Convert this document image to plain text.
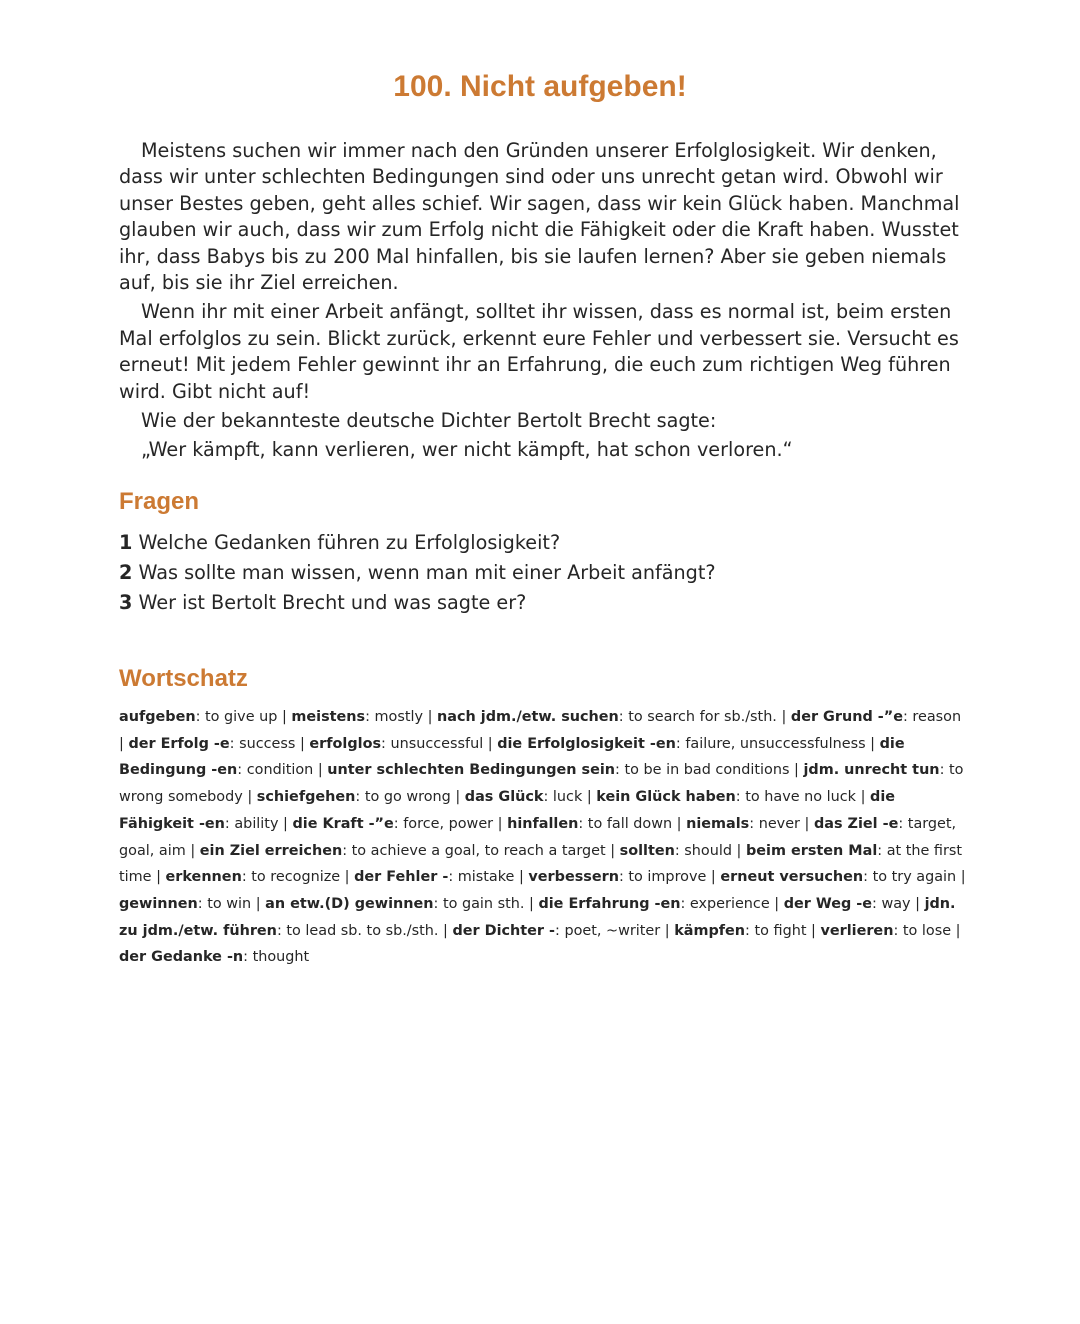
100. Nicht aufgeben!

Meistens suchen wir immer nach den Gründen unserer Erfolglosigkeit. Wir denken, dass wir unter schlechten Bedingungen sind oder uns unrecht getan wird. Obwohl wir unser Bestes geben, geht alles schief. Wir sagen, dass wir kein Glück haben. Manchmal glauben wir auch, dass wir zum Erfolg nicht die Fähigkeit oder die Kraft haben. Wusstet ihr, dass Babys bis zu 200 Mal hinfallen, bis sie laufen lernen? Aber sie geben niemals auf, bis sie ihr Ziel erreichen.

Wenn ihr mit einer Arbeit anfängt, solltet ihr wissen, dass es normal ist, beim ersten Mal erfolglos zu sein. Blickt zurück, erkennt eure Fehler und verbessert sie. Versucht es erneut! Mit jedem Fehler gewinnt ihr an Erfahrung, die euch zum richtigen Weg führen wird. Gibt nicht auf!

Wie der bekannteste deutsche Dichter Bertolt Brecht sagte:

„Wer kämpft, kann verlieren, wer nicht kämpft, hat schon verloren.“

Fragen
1 Welche Gedanken führen zu Erfolglosigkeit?
2 Was sollte man wissen, wenn man mit einer Arbeit anfängt?
3 Wer ist Bertolt Brecht und was sagte er?
Wortschatz
aufgeben: to give up | meistens: mostly | nach jdm./etw. suchen: to search for sb./sth. | der Grund -”e: reason | der Erfolg -e: success | erfolglos: unsuccessful | die Erfolglosigkeit -en: failure, unsuccessfulness | die Bedingung -en: condition | unter schlechten Bedingungen sein: to be in bad conditions | jdm. unrecht tun: to wrong somebody | schiefgehen: to go wrong | das Glück: luck | kein Glück haben: to have no luck | die Fähigkeit -en: ability | die Kraft -”e: force, power | hinfallen: to fall down | niemals: never | das Ziel -e: target, goal, aim | ein Ziel erreichen: to achieve a goal, to reach a target | sollten: should | beim ersten Mal: at the first time | erkennen: to recognize | der Fehler -: mistake | verbessern: to improve | erneut versuchen: to try again | gewinnen: to win | an etw.(D) gewinnen: to gain sth. | die Erfahrung -en: experience | der Weg -e: way | jdn. zu jdm./etw. führen: to lead sb. to sb./sth. | der Dichter -: poet, ~writer | kämpfen: to fight | verlieren: to lose | der Gedanke -n: thought
